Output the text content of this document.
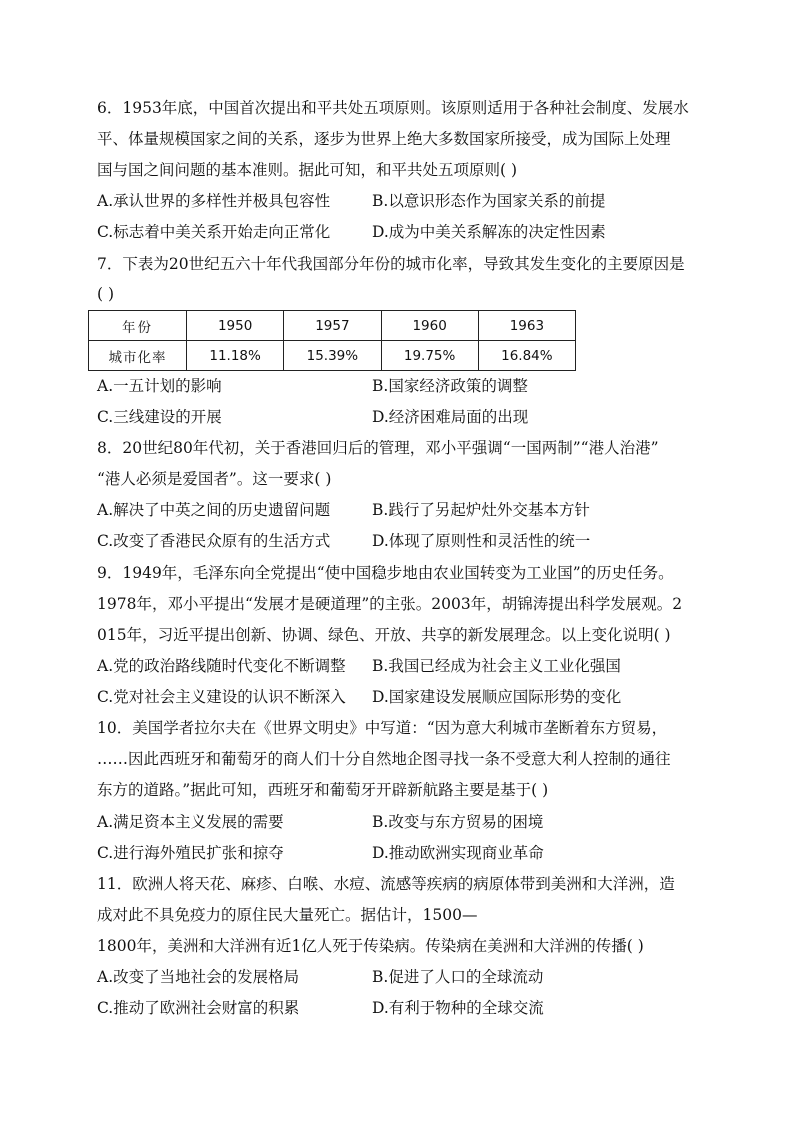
6．1953年底，中国首次提出和平共处五项原则。该原则适用于各种社会制度、发展水
平、体量规模国家之间的关系，逐步为世界上绝大多数国家所接受，成为国际上处理
国与国之间问题的基本准则。据此可知，和平共处五项原则( )
A.承认世界的多样性并极具包容性	B.以意识形态作为国家关系的前提
C.标志着中美关系开始走向正常化	D.成为中美关系解冻的决定性因素
7．下表为20世纪五六十年代我国部分年份的城市化率，导致其发生变化的主要原因是
( )
年份	1950	1957	1960	1963
城市化率	11.18%	15.39%	19.75%	16.84%
A.一五计划的影响	B.国家经济政策的调整
C.三线建设的开展	D.经济困难局面的出现
8．20世纪80年代初，关于香港回归后的管理，邓小平强调“一国两制”“港人治港”
“港人必须是爱国者”。这一要求( )
A.解决了中英之间的历史遗留问题	B.践行了另起炉灶外交基本方针
C.改变了香港民众原有的生活方式	D.体现了原则性和灵活性的统一
9．1949年，毛泽东向全党提出“使中国稳步地由农业国转变为工业国”的历史任务。
1978年，邓小平提出“发展才是硬道理”的主张。2003年，胡锦涛提出科学发展观。2
015年，习近平提出创新、协调、绿色、开放、共享的新发展理念。以上变化说明( )
A.党的政治路线随时代变化不断调整 B.我国已经成为社会主义工业化强国
C.党对社会主义建设的认识不断深入 D.国家建设发展顺应国际形势的变化
10．美国学者拉尔夫在《世界文明史》中写道：“因为意大利城市垄断着东方贸易，
……因此西班牙和葡萄牙的商人们十分自然地企图寻找一条不受意大利人控制的通往
东方的道路。”据此可知，西班牙和葡萄牙开辟新航路主要是基于( )
A.满足资本主义发展的需要	B.改变与东方贸易的困境
C.进行海外殖民扩张和掠夺	D.推动欧洲实现商业革命
11．欧洲人将天花、麻疹、白喉、水痘、流感等疾病的病原体带到美洲和大洋洲，造
成对此不具免疫力的原住民大量死亡。据估计，1500—
1800年，美洲和大洋洲有近1亿人死于传染病。传染病在美洲和大洋洲的传播( )
A.改变了当地社会的发展格局	B.促进了人口的全球流动
C.推动了欧洲社会财富的积累	D.有利于物种的全球交流
